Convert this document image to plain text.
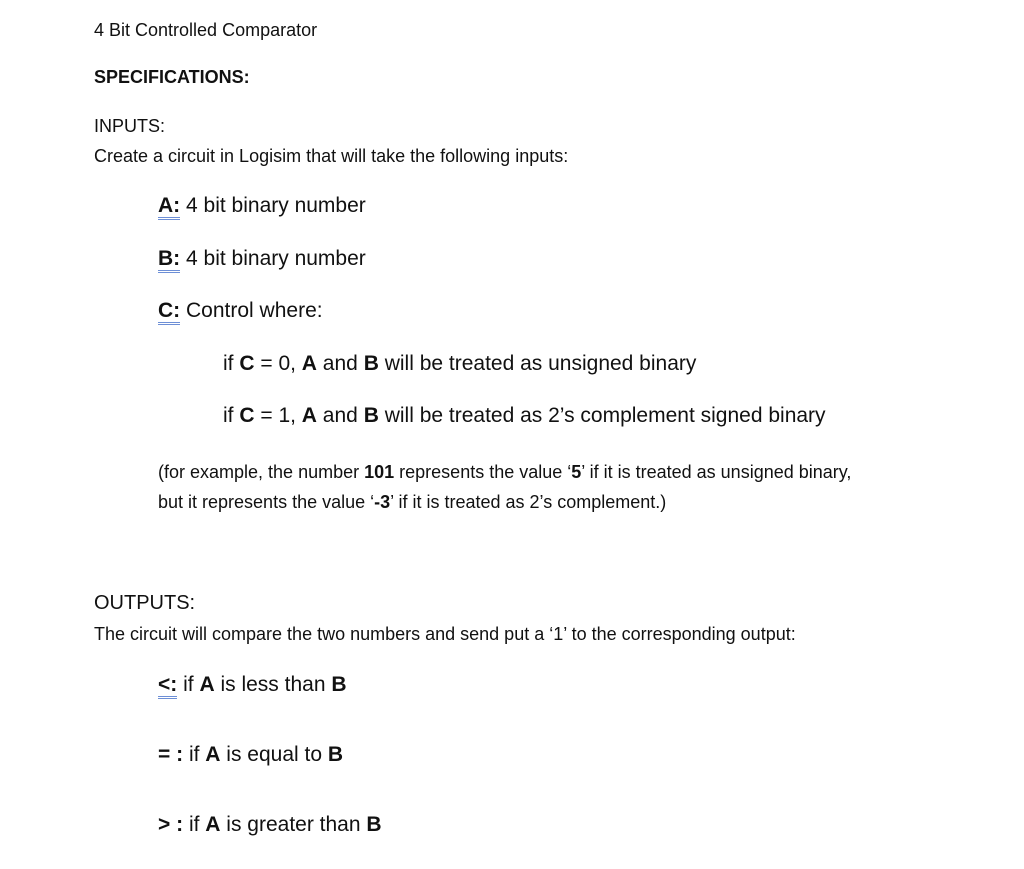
4 Bit Controlled Comparator
SPECIFICATIONS:
INPUTS:
Create a circuit in Logisim that will take the following inputs:
A: 4 bit binary number
B: 4 bit binary number
C: Control where:
if C = 0, A and B will be treated as unsigned binary
if C = 1, A and B will be treated as 2’s complement signed binary
(for example, the number 101 represents the value ‘5’ if it is treated as unsigned binary,
but it represents the value ‘-3’ if it is treated as 2’s complement.)
OUTPUTS:
The circuit will compare the two numbers and send put a ‘1’ to the corresponding output:
<: if A is less than B
= : if A is equal to B
> : if A is greater than B
